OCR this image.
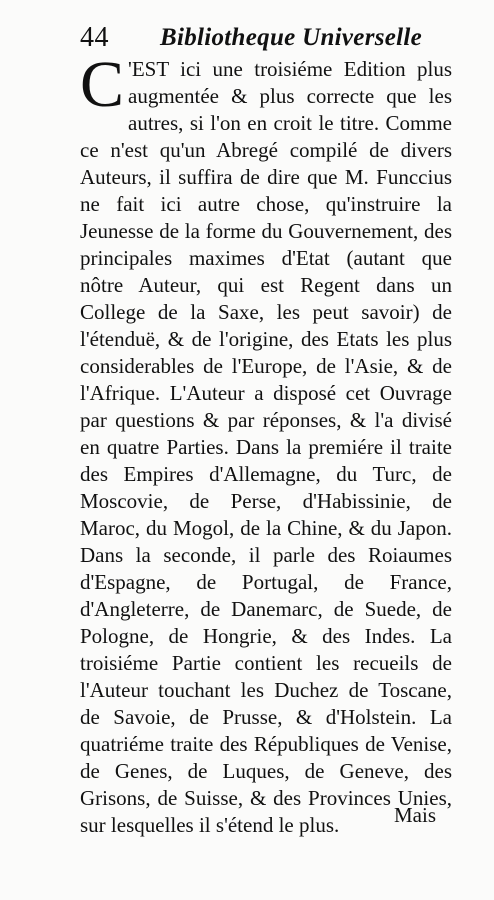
44 Bibliotheque Universelle
C 'EST ici une troisiéme Edition plus augmentée & plus correcte que les autres, si l'on en croit le titre. Comme ce n'est qu'un Abregé compilé de divers Auteurs, il suffira de dire que M. Funccius ne fait ici autre chose, qu'instruire la Jeunesse de la forme du Gouvernement, des principales maximes d'Etat (autant que nôtre Auteur, qui est Regent dans un College de la Saxe, les peut savoir) de l'étenduë, & de l'origine, des Etats les plus considerables de l'Europe, de l'Asie, & de l'Afrique. L'Auteur a disposé cet Ouvrage par questions & par réponses, & l'a divisé en quatre Parties. Dans la premiére il traite des Empires d'Allemagne, du Turc, de Moscovie, de Perse, d'Habissinie, de Maroc, du Mogol, de la Chine, & du Japon. Dans la seconde, il parle des Roiaumes d'Espagne, de Portugal, de France, d'Angleterre, de Danemarc, de Suede, de Pologne, de Hongrie, & des Indes. La troisiéme Partie contient les recueils de l'Auteur touchant les Duchez de Toscane, de Savoie, de Prusse, & d'Holstein. La quatriéme traite des Républiques de Venise, de Genes, de Luques, de Geneve, des Grisons, de Suisse, & des Provinces Unies, sur lesquelles il s'étend le plus.	Mais
